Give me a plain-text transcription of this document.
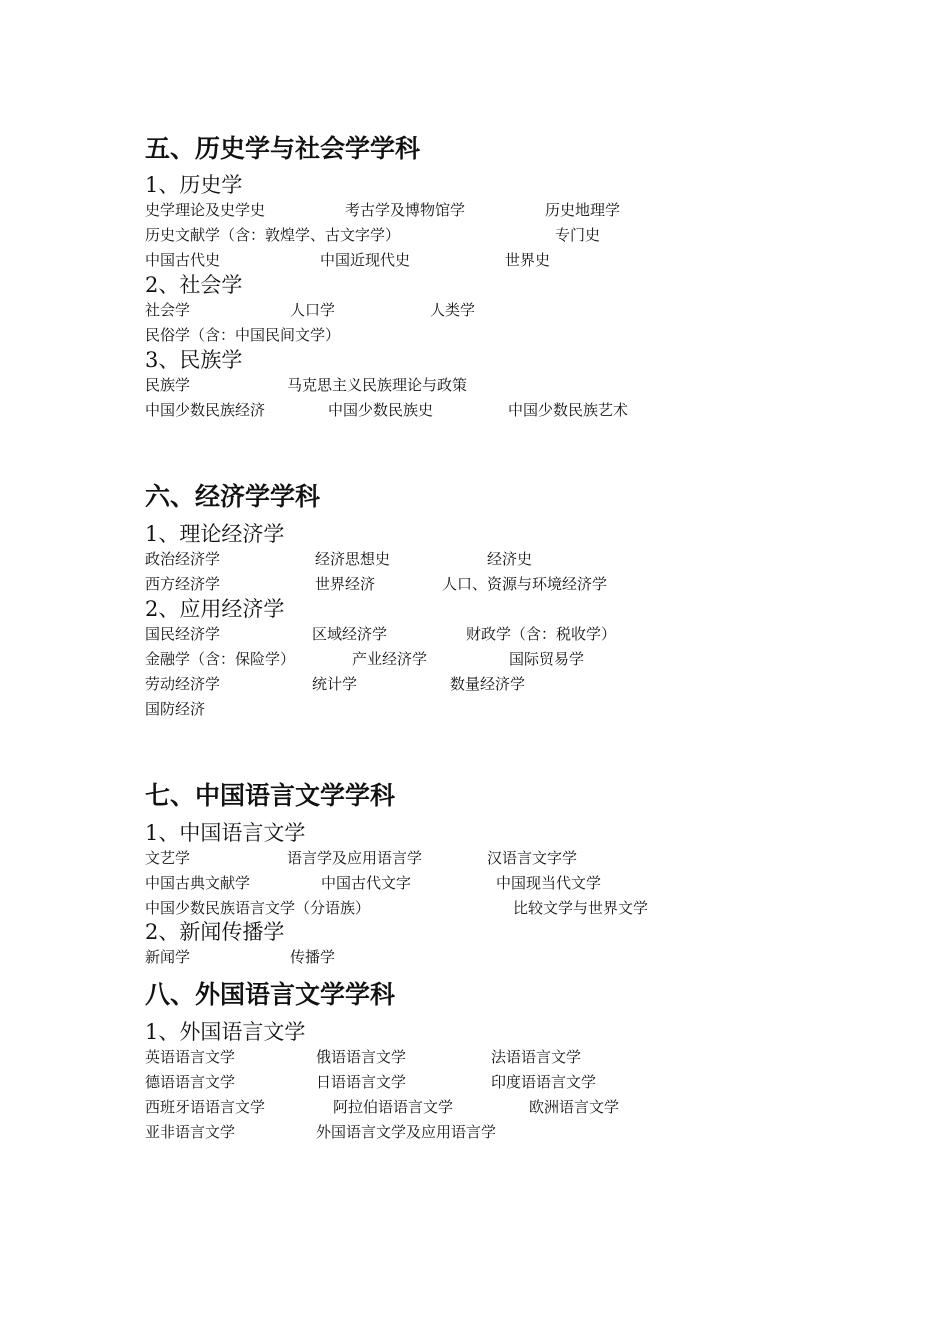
五、历史学与社会学学科
1、历史学
史学理论及史学史	考古学及博物馆学	历史地理学
历史文献学（含：敦煌学、古文字学）	专门史
中国古代史	中国近现代史	世界史
2、社会学
社会学	人口学	人类学
民俗学（含：中国民间文学）
3、民族学
民族学	马克思主义民族理论与政策
中国少数民族经济	中国少数民族史	中国少数民族艺术
六、经济学学科
1、理论经济学
政治经济学	经济思想史	经济史
西方经济学	世界经济	人口、资源与环境经济学
2、应用经济学
国民经济学	区域经济学	财政学（含：税收学）
金融学（含：保险学）	产业经济学	国际贸易学
劳动经济学	统计学	数量经济学
国防经济
七、中国语言文学学科
1、中国语言文学
文艺学	语言学及应用语言学	汉语言文字学
中国古典文献学	中国古代文字	中国现当代文学
中国少数民族语言文学（分语族）	比较文学与世界文学
2、新闻传播学
新闻学	传播学
八、外国语言文学学科
1、外国语言文学
英语语言文学	俄语语言文学	法语语言文学
德语语言文学	日语语言文学	印度语语言文学
西班牙语语言文学	阿拉伯语语言文学	欧洲语言文学
亚非语言文学	外国语言文学及应用语言学
